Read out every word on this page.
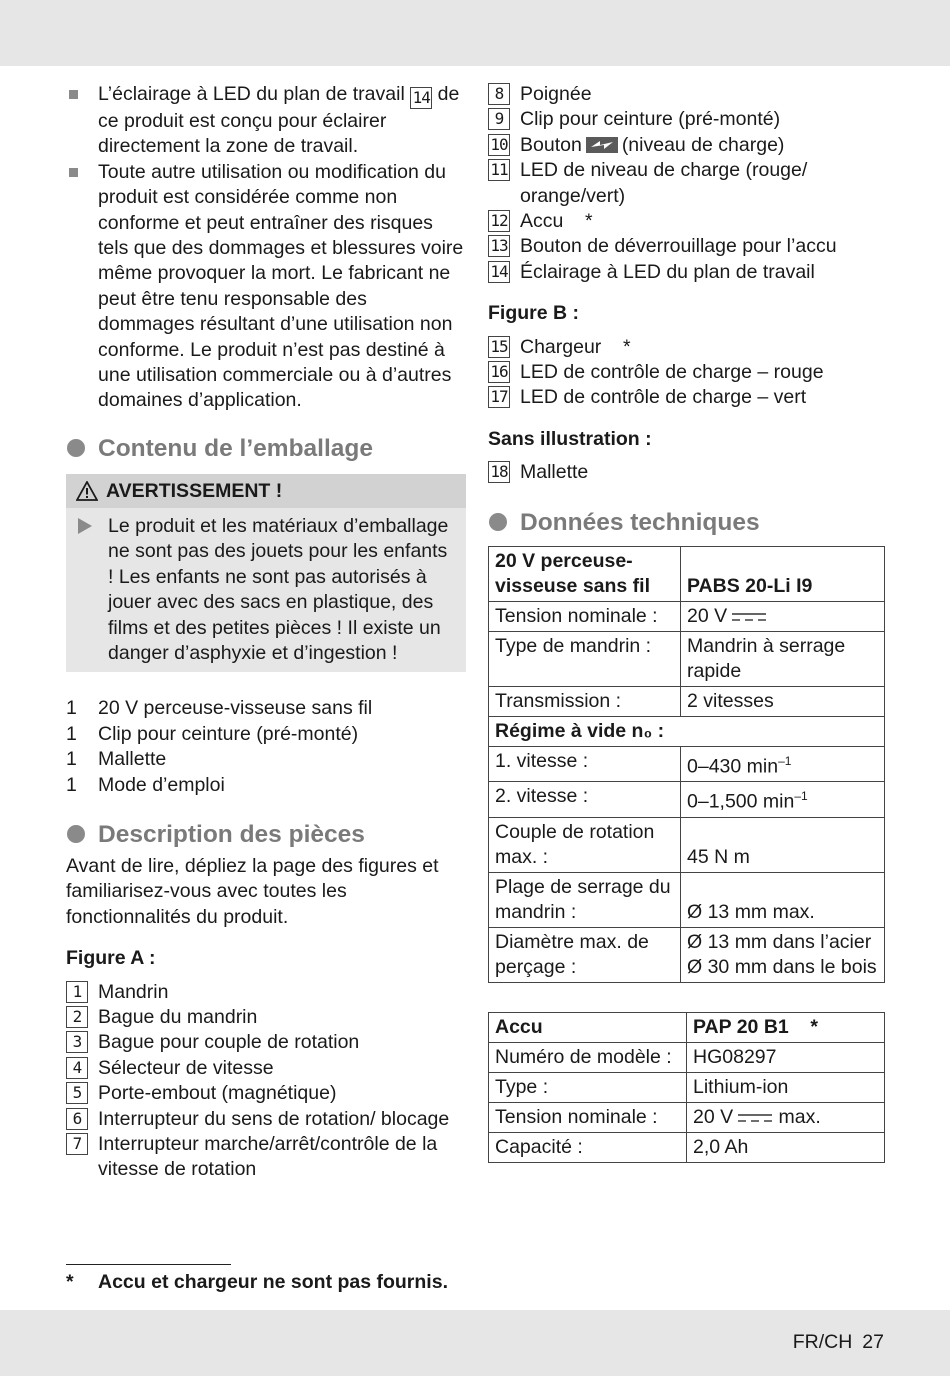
L’éclairage à LED du plan de travail 14 de ce produit est conçu pour éclairer directement la zone de travail.
Toute autre utilisation ou modification du produit est considérée comme non conforme et peut entraîner des risques tels que des dommages et blessures voire même provoquer la mort. Le fabricant ne peut être tenu responsable des dommages résultant d’une utilisation non conforme. Le produit n’est pas destiné à une utilisation commerciale ou à d’autres domaines d’application.
Contenu de l’emballage
AVERTISSEMENT !
Le produit et les matériaux d’emballage ne sont pas des jouets pour les enfants ! Les enfants ne sont pas autorisés à jouer avec des sacs en plastique, des films et des petites pièces ! Il existe un danger d’asphyxie et d’ingestion !
1	20 V perceuse-visseuse sans fil
1	Clip pour ceinture (pré-monté)
1	Mallette
1	Mode d’emploi
Description des pièces
Avant de lire, dépliez la page des figures et familiarisez-vous avec toutes les fonctionnalités du produit.
Figure A :
1 Mandrin
2 Bague du mandrin
3 Bague pour couple de rotation
4 Sélecteur de vitesse
5 Porte-embout (magnétique)
6 Interrupteur du sens de rotation/ blocage
7 Interrupteur marche/arrêt/contrôle de la vitesse de rotation
*	Accu et chargeur ne sont pas fournis.
8 Poignée
9 Clip pour ceinture (pré-monté)
10 Bouton (niveau de charge)
11 LED de niveau de charge (rouge/ orange/vert)
12 Accu    *
13 Bouton de déverrouillage pour l’accu
14 Éclairage à LED du plan de travail
Figure B :
15 Chargeur    *
16 LED de contrôle de charge – rouge
17 LED de contrôle de charge – vert
Sans illustration :
18 Mallette
Données techniques
20 V perceuse-visseuse sans fil	PABS 20-Li I9
Tension nominale :	20 V
Type de mandrin :	Mandrin à serrage rapide
Transmission :	2 vitesses
Régime à vide n₀ :	
1. vitesse :	0–430 $\min^{-1}$
2. vitesse :	0–1,500 $\min^{-1}$
Couple de rotation max. :	45 N m
Plage de serrage du mandrin :	Ø 13 mm max.
Diamètre max. de perçage :	Ø 13 mm dans l’acier
Ø 30 mm dans le bois
Accu	PAP 20 B1    *
Numéro de modèle :	HG08297
Type :	Lithium-ion
Tension nominale :	20 V max.
Capacité :	2,0 Ah
FR/CH 27
